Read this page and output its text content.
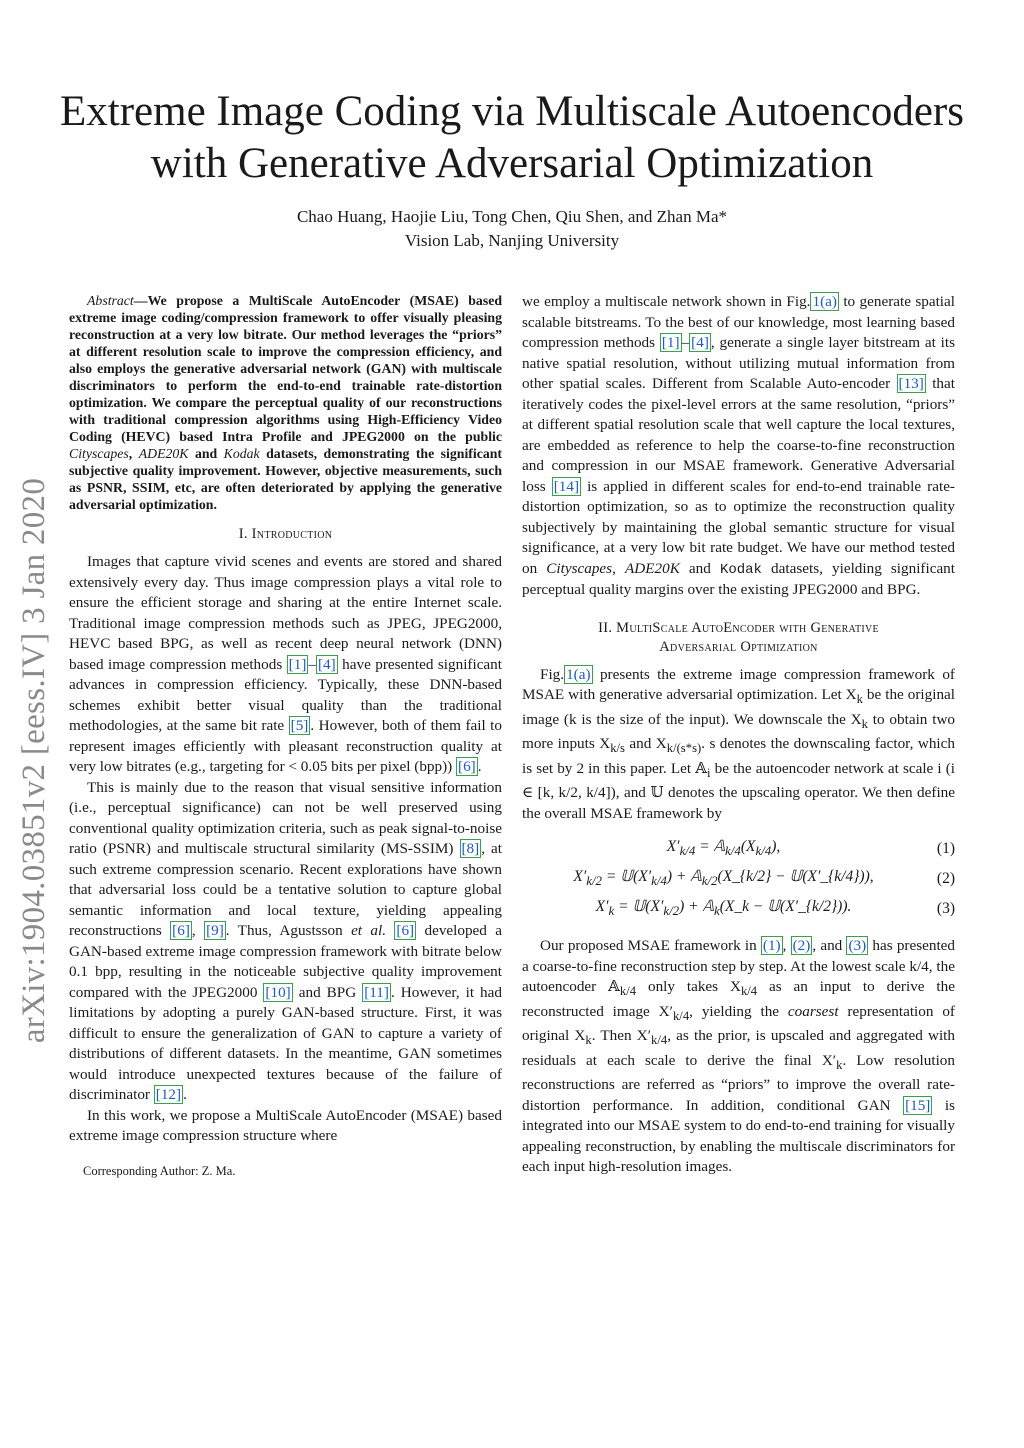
arXiv:1904.03851v2 [eess.IV] 3 Jan 2020
Extreme Image Coding via Multiscale Autoencoders
with Generative Adversarial Optimization
Chao Huang, Haojie Liu, Tong Chen, Qiu Shen, and Zhan Ma*
Vision Lab, Nanjing University

Abstract—We propose a MultiScale AutoEncoder (MSAE) based extreme image coding/compression framework to offer visually pleasing reconstruction at a very low bitrate. Our method leverages the “priors” at different resolution scale to improve the compression efficiency, and also employs the generative adversarial network (GAN) with multiscale discriminators to perform the end-to-end trainable rate-distortion optimization. We compare the perceptual quality of our reconstructions with traditional compression algorithms using High-Efficiency Video Coding (HEVC) based Intra Profile and JPEG2000 on the public Cityscapes, ADE20K and Kodak datasets, demonstrating the significant subjective quality improvement. However, objective measurements, such as PSNR, SSIM, etc, are often deteriorated by applying the generative adversarial optimization.

I. Introduction

Images that capture vivid scenes and events are stored and shared extensively every day. Thus image compression plays a vital role to ensure the efficient storage and sharing at the entire Internet scale. Traditional image compression methods such as JPEG, JPEG2000, HEVC based BPG, as well as recent deep neural network (DNN) based image compression methods [1] – [4] have presented significant advances in compression efficiency. Typically, these DNN-based schemes exhibit better visual quality than the traditional methodologies, at the same bit rate [5] . However, both of them fail to represent images efficiently with pleasant reconstruction quality at very low bitrates (e.g., targeting for < 0.05 bits per pixel (bpp)) [6] .

This is mainly due to the reason that visual sensitive information (i.e., perceptual significance) can not be well preserved using conventional quality optimization criteria, such as peak signal-to-noise ratio (PSNR) and multiscale structural similarity (MS-SSIM) [8] , at such extreme compression scenario. Recent explorations have shown that adversarial loss could be a tentative solution to capture global semantic information and local texture, yielding appealing reconstructions [6] , [9] . Thus, Agustsson et al. [6] developed a GAN-based extreme image compression framework with bitrate below 0.1 bpp, resulting in the noticeable subjective quality improvement compared with the JPEG2000 [10] and BPG [11] . However, it had limitations by adopting a purely GAN-based structure. First, it was difficult to ensure the generalization of GAN to capture a variety of distributions of different datasets. In the meantime, GAN sometimes would introduce unexpected textures because of the failure of discriminator [12] .

In this work, we propose a MultiScale AutoEncoder (MSAE) based extreme image compression structure where

Corresponding Author: Z. Ma.

we employ a multiscale network shown in Fig. 1(a) to generate spatial scalable bitstreams. To the best of our knowledge, most learning based compression methods [1] – [4] , generate a single layer bitstream at its native spatial resolution, without utilizing mutual information from other spatial scales. Different from Scalable Auto-encoder [13] that iteratively codes the pixel-level errors at the same resolution, “priors” at different spatial resolution scale that well capture the local textures, are embedded as reference to help the coarse-to-fine reconstruction and compression in our MSAE framework. Generative Adversarial loss [14] is applied in different scales for end-to-end trainable rate-distortion optimization, so as to optimize the reconstruction quality subjectively by maintaining the global semantic structure for visual significance, at a very low bit rate budget. We have our method tested on Cityscapes, ADE20K and Kodak datasets, yielding significant perceptual quality margins over the existing JPEG2000 and BPG.

II. MultiScale AutoEncoder with Generative
Adversarial Optimization

Fig. 1(a) presents the extreme image compression framework of MSAE with generative adversarial optimization. Let $X_k$ be the original image (k is the size of the input). We downscale the $X_k$ to obtain two more inputs $X_{k/s}$ and $X_{k/(s*s)}$. s denotes the downscaling factor, which is set by 2 in this paper. Let 𝔸$_i$ be the autoencoder network at scale i (i ∈ [k, k/2, k/4]), and 𝕌 denotes the upscaling operator. We then define the overall MSAE framework by

$X'_{k/4}$ = $𝔸_{k/4}(X_{k/4})$,	(1)
$X'_{k/2}$ = $𝕌(X'_{k/4})$ + 𝔸$_{k/2}$(X_{k/2} − 𝕌(X′_{k/4})),	(2)
$X'_k$ = $𝕌(X'_{k/2})$ + 𝔸$_k$(X_k − 𝕌(X′_{k/2})).	(3)

Our proposed MSAE framework in (1) , (2) , and (3) has presented a coarse-to-fine reconstruction step by step. At the lowest scale k/4, the autoencoder 𝔸$_{k/4}$ only takes $X_{k/4}$ as an input to derive the reconstructed image $X'_{k/4}$, yielding the coarsest representation of original $X_k$. Then $X'_{k/4}$, as the prior, is upscaled and aggregated with residuals at each scale to derive the final $X'_k$. Low resolution reconstructions are referred as “priors” to improve the overall rate-distortion performance. In addition, conditional GAN [15] is integrated into our MSAE system to do end-to-end training for visually appealing reconstruction, by enabling the multiscale discriminators for each input high-resolution images.
